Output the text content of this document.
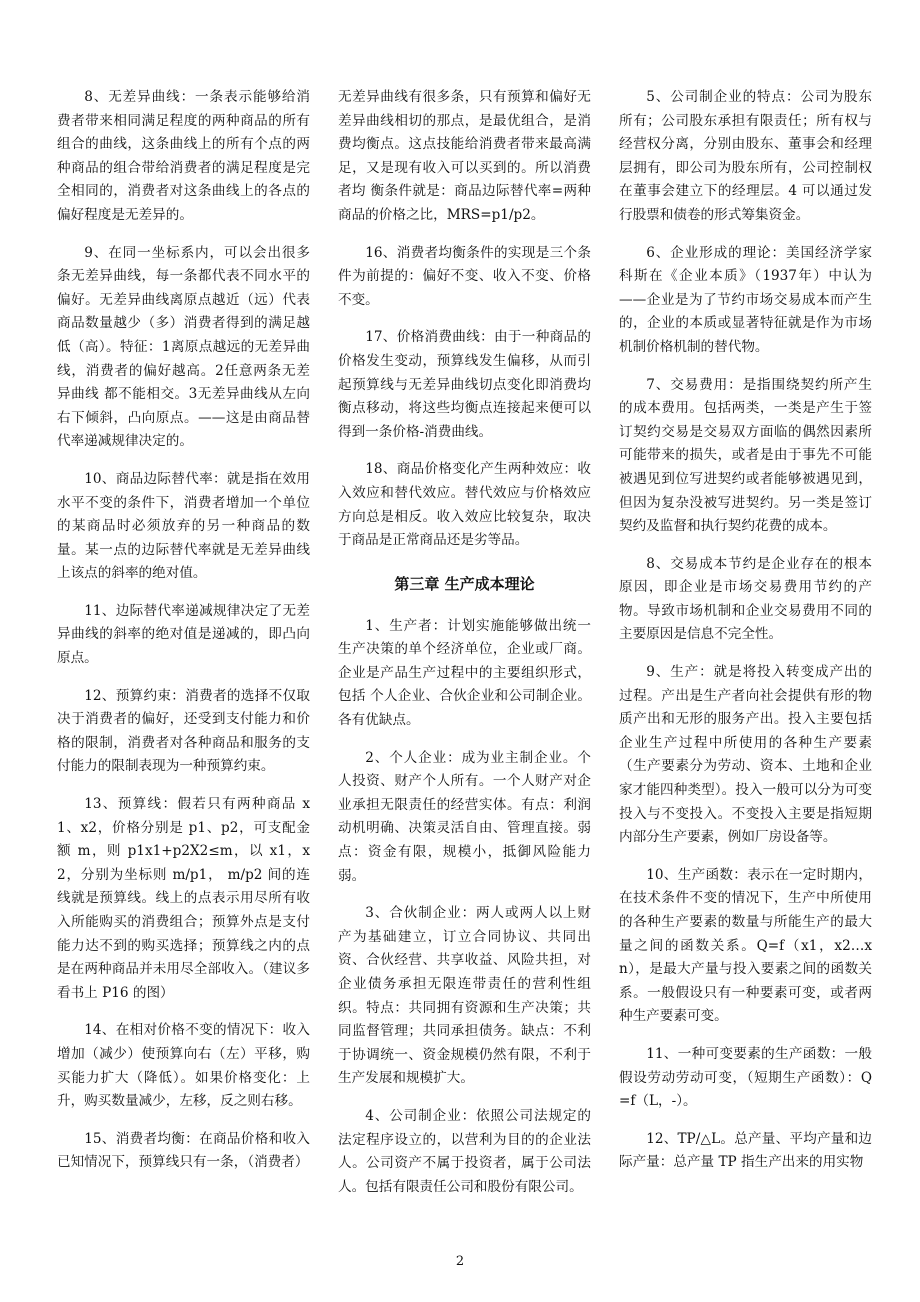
8、无差异曲线：一条表示能够给消费者带来相同满足程度的两种商品的所有组合的曲线，这条曲线上的所有个点的两种商品的组合带给消费者的满足程度是完全相同的，消费者对这条曲线上的各点的偏好程度是无差异的。

9、在同一坐标系内，可以会出很多条无差异曲线，每一条都代表不同水平的偏好。无差异曲线离原点越近（远）代表商品数量越少（多）消费者得到的满足越低（高）。特征：1离原点越远的无差异曲线，消费者的偏好越高。2任意两条无差异曲线 都不能相交。3无差异曲线从左向右下倾斜，凸向原点。——这是由商品替代率递减规律决定的。

10、商品边际替代率：就是指在效用水平不变的条件下，消费者增加一个单位的某商品时必须放弃的另一种商品的数量。某一点的边际替代率就是无差异曲线上该点的斜率的绝对值。

11、边际替代率递减规律决定了无差异曲线的斜率的绝对值是递减的，即凸向原点。

12、预算约束：消费者的选择不仅取决于消费者的偏好，还受到支付能力和价格的限制，消费者对各种商品和服务的支付能力的限制表现为一种预算约束。

13、预算线：假若只有两种商品 x1、x2，价格分别是 p1、p2，可支配金额 m，则 p1x1+p2X2≤m，以 x1，x2，分别为坐标则 m/p1， m/p2 间的连线就是预算线。线上的点表示用尽所有收入所能购买的消费组合；预算外点是支付能力达不到的购买选择；预算线之内的点是在两种商品并未用尽全部收入。（建议多看书上 P16 的图）

14、在相对价格不变的情况下：收入增加（减少）使预算向右（左）平移，购买能力扩大（降低）。如果价格变化：上升，购买数量减少，左移，反之则右移。

15、消费者均衡：在商品价格和收入已知情况下，预算线只有一条，（消费者）

无差异曲线有很多条，只有预算和偏好无差异曲线相切的那点，是最优组合，是消费均衡点。这点技能给消费者带来最高满足，又是现有收入可以买到的。所以消费者均 衡条件就是：商品边际替代率=两种商品的价格之比，MRS=p1/p2。

16、消费者均衡条件的实现是三个条件为前提的：偏好不变、收入不变、价格不变。

17、价格消费曲线：由于一种商品的价格发生变动，预算线发生偏移，从而引起预算线与无差异曲线切点变化即消费均衡点移动，将这些均衡点连接起来便可以得到一条价格-消费曲线。

18、商品价格变化产生两种效应：收入效应和替代效应。替代效应与价格效应方向总是相反。收入效应比较复杂，取决于商品是正常商品还是劣等品。

第三章 生产成本理论

1、生产者：计划实施能够做出统一生产决策的单个经济单位，企业或厂商。企业是产品生产过程中的主要组织形式，包括 个人企业、合伙企业和公司制企业。各有优缺点。

2、个人企业：成为业主制企业。个人投资、财产个人所有。一个人财产对企业承担无限责任的经营实体。有点：利润动机明确、决策灵活自由、管理直接。弱点：资金有限，规模小，抵御风险能力弱。

3、合伙制企业：两人或两人以上财产为基础建立，订立合同协议、共同出资、合伙经营、共享收益、风险共担，对企业债务承担无限连带责任的营利性组织。特点：共同拥有资源和生产决策；共同监督管理；共同承担债务。缺点：不利于协调统一、资金规模仍然有限，不利于生产发展和规模扩大。

4、公司制企业：依照公司法规定的法定程序设立的，以营利为目的的企业法人。公司资产不属于投资者，属于公司法人。包括有限责任公司和股份有限公司。

5、公司制企业的特点：公司为股东所有；公司股东承担有限责任；所有权与经营权分离，分别由股东、董事会和经理层拥有，即公司为股东所有，公司控制权在董事会建立下的经理层。4 可以通过发行股票和债卷的形式筹集资金。

6、企业形成的理论：美国经济学家科斯在《企业本质》（1937年）中认为——企业是为了节约市场交易成本而产生的，企业的本质或显著特征就是作为市场机制价格机制的替代物。

7、交易费用：是指围绕契约所产生的成本费用。包括两类，一类是产生于签订契约交易是交易双方面临的偶然因素所可能带来的损失，或者是由于事先不可能被遇见到位写进契约或者能够被遇见到，但因为复杂没被写进契约。另一类是签订契约及监督和执行契约花费的成本。

8、交易成本节约是企业存在的根本原因，即企业是市场交易费用节约的产物。导致市场机制和企业交易费用不同的主要原因是信息不完全性。

9、生产：就是将投入转变成产出的过程。产出是生产者向社会提供有形的物质产出和无形的服务产出。投入主要包括企业生产过程中所使用的各种生产要素（生产要素分为劳动、资本、土地和企业家才能四种类型）。投入一般可以分为可变投入与不变投入。不变投入主要是指短期内部分生产要素，例如厂房设备等。

10、生产函数：表示在一定时期内，在技术条件不变的情况下，生产中所使用的各种生产要素的数量与所能生产的最大量之间的函数关系。Q=f（x1，x2…xn），是最大产量与投入要素之间的函数关系。一般假设只有一种要素可变，或者两种生产要素可变。

11、一种可变要素的生产函数：一般假设劳动劳动可变，（短期生产函数）：Q=f（L，-）。

12、TP/△L。总产量、平均产量和边际产量：总产量 TP 指生产出来的用实物

2
